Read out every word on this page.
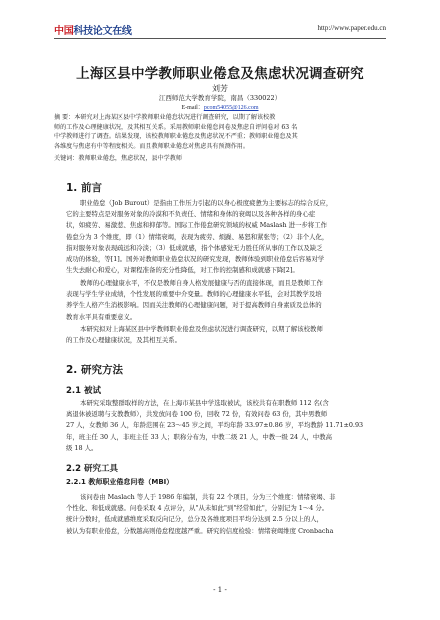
中国科技论文在线	http://www.paper.edu.cn
上海区县中学教师职业倦怠及焦虑状况调查研究
刘芳
江西师范大学教育学院，南昌（330022）
E-mail：pcom54055@126.com
摘 要：本研究对上海某区县中学教师职业倦怠状况进行调查研究，以期了解该校教
师的工作及心理健康状况，及其相互关系。采用教师职业倦怠问卷及焦虑自评问卷对 63 名
中学教师进行了调查。结果发现，该校教师职业倦怠及焦虑状况不严重；教师职业倦怠及其
各维度与焦虑有中等程度相关。而且教师职业倦怠对焦虑具有预测作用。
关键词：教师职业倦怠，焦虑状况，县中学教师
1. 前言
职业倦怠（Job Burout）是指由工作压力引起的以身心极度疲惫为主要标志的综合反应，
它的主要特点是对服务对象的冷漠和不负责任、情绪和身体的衰竭以及各种各样的身心症
状，如疲劳、易激惹、焦虑和抑郁等。国际工作倦怠研究领域的权威 Maslash 进一步将工作
倦怠分为 3 个维度，即（1）情绪衰竭，表现为疲劳、烦躁、易怒和紧张等；（2）非个人化，
指对服务对象表现疏远和冷淡；（3）低成就感，指个体感觉无力胜任所从事的工作以及缺乏
成功的体验，等[1]。国外对教师职业倦怠状况的研究发现，教师体验到职业倦怠后容易对学
生失去耐心和爱心，对课程准备的充分性降低，对工作的控制感和成就感下降[2]。
教师的心理健康水平，不仅是教师自身人格发展健康与否的直接体现，而且是教师工作
表现与学生学业成绩，个性发展的重要中介变量。教师的心理健康水平低，会对其教学及培
养学生人格产生消极影响。因而关注教师的心理健康问题，对于提高教师自身素质及总体的
教育水平具有重要意义。
本研究拟对上海某区县中学教师职业倦怠及焦虑状况进行调查研究，以期了解该校教师
的工作及心理健康状况，及其相互关系。
2. 研究方法
2.1 被试
本研究采取整群取样的方法，在上海市某县中学选取被试，该校共有在职教师 112 名(含
离退休被返聘与支教教师），共发放问卷 100 份，回收 72 份，有效问卷 63 份，其中男教师
27 人，女教师 36 人，年龄范围在 23～45 岁之间，平均年龄 33.97±0.86 岁，平均教龄 11.71±0.93
年，班主任 30 人，非班主任 33 人；职称分布为，中教二级 21 人，中教一级 24 人，中教高
级 18 人。
2.2 研究工具
2.2.1 教师职业倦怠问卷（MBI）
该问卷由 Maslach 等人于 1986 年编制，共有 22 个项目，分为三个维度：情绪衰竭、非
个性化、和低成就感。问卷采取 4 点评分，从"从未如此"到"经常如此"，分别记为 1～4 分。
统计分数时，低成就感维度采取反向记分，总分及各维度项目平均分达到 2.5 分以上的人，
被认为有职业倦怠，分数越高则倦怠程度越严重。研究的信度检验：情绪衰竭维度 Cronbacha
- 1 -
